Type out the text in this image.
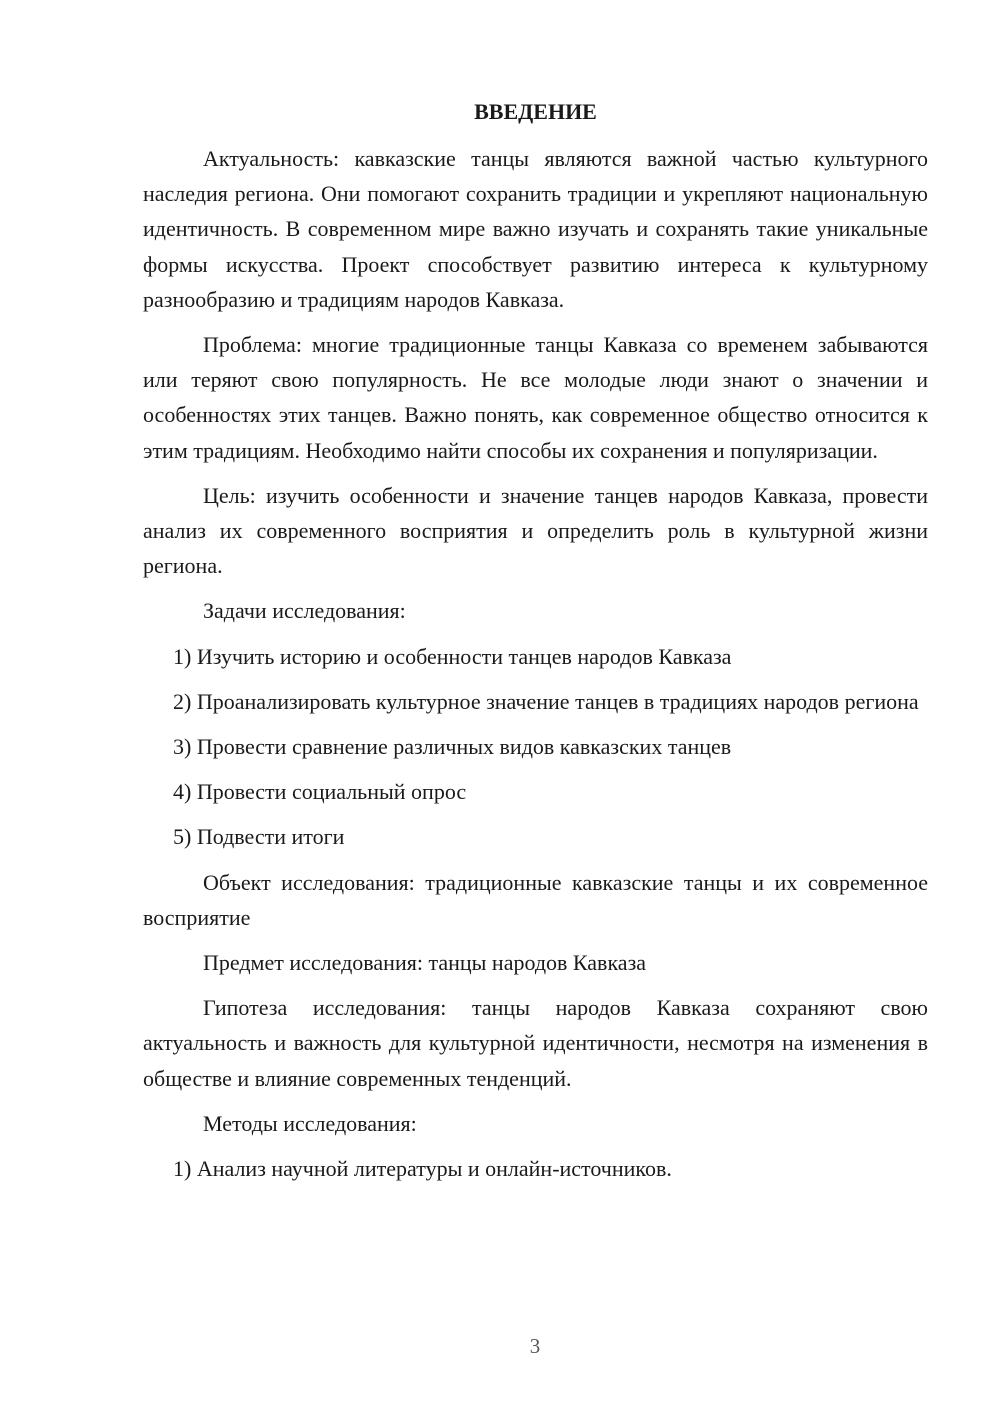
ВВЕДЕНИЕ

Актуальность: кавказские танцы являются важной частью культурного наследия региона. Они помогают сохранить традиции и укрепляют национальную идентичность. В современном мире важно изучать и сохранять такие уникальные формы искусства. Проект способствует развитию интереса к культурному разнообразию и традициям народов Кавказа.

Проблема: многие традиционные танцы Кавказа со временем забываются или теряют свою популярность. Не все молодые люди знают о значении и особенностях этих танцев. Важно понять, как современное общество относится к этим традициям. Необходимо найти способы их сохранения и популяризации.

Цель: изучить особенности и значение танцев народов Кавказа, провести анализ их современного восприятия и определить роль в культурной жизни региона.

Задачи исследования:

1) Изучить историю и особенности танцев народов Кавказа

2) Проанализировать культурное значение танцев в традициях народов региона

3) Провести сравнение различных видов кавказских танцев

4) Провести социальный опрос

5) Подвести итоги

Объект исследования: традиционные кавказские танцы и их современное восприятие

Предмет исследования: танцы народов Кавказа

Гипотеза исследования: танцы народов Кавказа сохраняют свою актуальность и важность для культурной идентичности, несмотря на изменения в обществе и влияние современных тенденций.

Методы исследования:

1) Анализ научной литературы и онлайн-источников.

3
